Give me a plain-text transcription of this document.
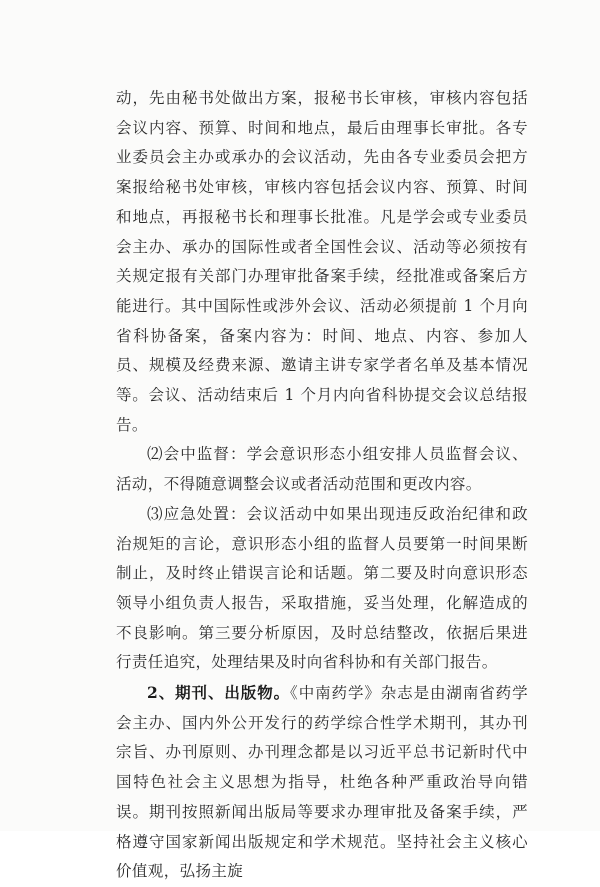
动，先由秘书处做出方案，报秘书长审核，审核内容包括会议内容、预算、时间和地点，最后由理事长审批。各专业委员会主办或承办的会议活动，先由各专业委员会把方案报给秘书处审核，审核内容包括会议内容、预算、时间和地点，再报秘书长和理事长批准。凡是学会或专业委员会主办、承办的国际性或者全国性会议、活动等必须按有关规定报有关部门办理审批备案手续，经批准或备案后方能进行。其中国际性或涉外会议、活动必须提前 1 个月向省科协备案，备案内容为：时间、地点、内容、参加人员、规模及经费来源、邀请主讲专家学者名单及基本情况等。会议、活动结束后 1 个月内向省科协提交会议总结报告。

⑵会中监督：学会意识形态小组安排人员监督会议、活动，不得随意调整会议或者活动范围和更改内容。

⑶应急处置：会议活动中如果出现违反政治纪律和政治规矩的言论，意识形态小组的监督人员要第一时间果断制止，及时终止错误言论和话题。第二要及时向意识形态领导小组负责人报告，采取措施，妥当处理，化解造成的不良影响。第三要分析原因，及时总结整改，依据后果进行责任追究，处理结果及时向省科协和有关部门报告。

2、期刊、出版物。《中南药学》杂志是由湖南省药学会主办、国内外公开发行的药学综合性学术期刊，其办刊宗旨、办刊原则、办刊理念都是以习近平总书记新时代中国特色社会主义思想为指导，杜绝各种严重政治导向错误。期刊按照新闻出版局等要求办理审批及备案手续，严格遵守国家新闻出版规定和学术规范。坚持社会主义核心价值观，弘扬主旋
